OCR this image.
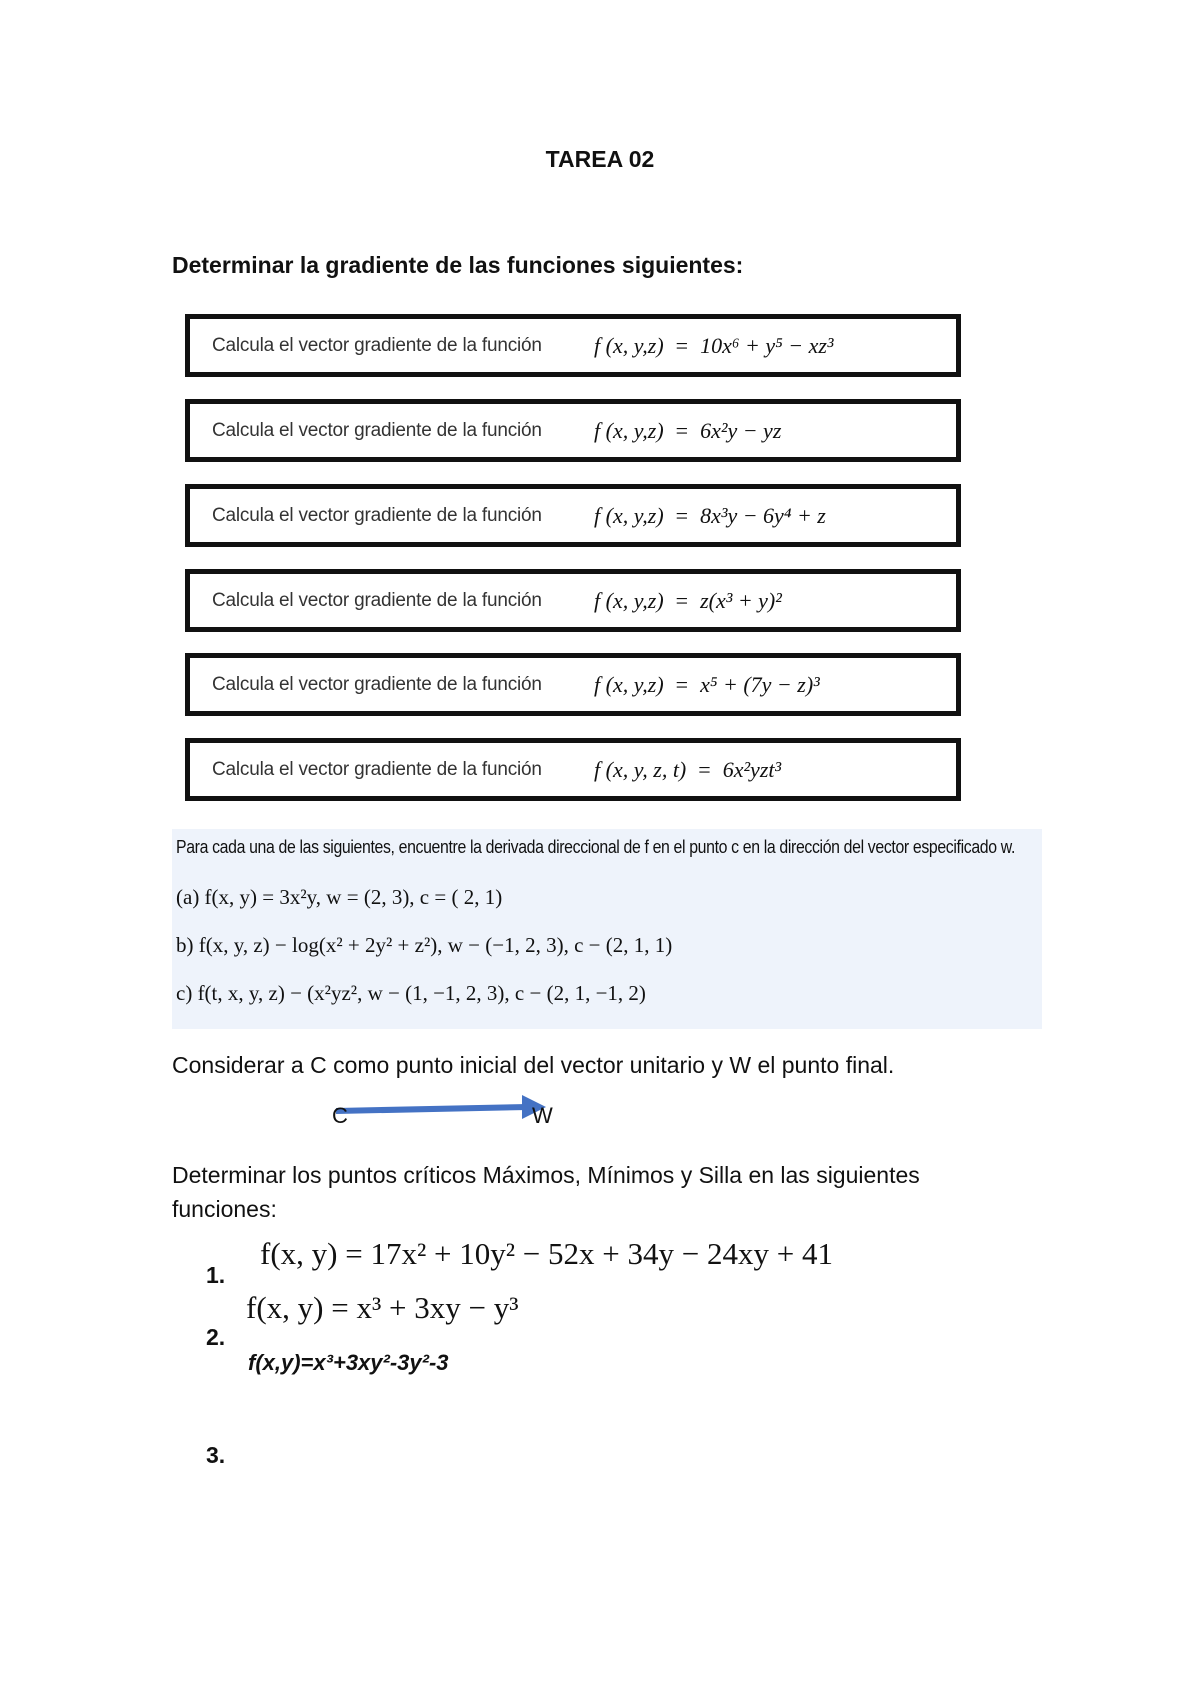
TAREA 02
Determinar la gradiente de las funciones siguientes:
Calcula el vector gradiente de la función	f (x, y,z) = 10x⁶ + y⁵ − xz³
Calcula el vector gradiente de la función	f (x, y,z) = 6x²y − yz
Calcula el vector gradiente de la función	f (x, y,z) = 8x³y − 6y⁴ + z
Calcula el vector gradiente de la función	f (x, y,z) = z(x³ + y)²
Calcula el vector gradiente de la función	f (x, y,z) = x⁵ + (7y − z)³
Calcula el vector gradiente de la función	f (x, y, z, t) = 6x²yzt³
Para cada una de las siguientes, encuentre la derivada direccional de f en el punto c en la dirección del vector especificado w.
(a) f(x, y) = 3x²y, w = (2, 3), c = ( 2, 1)
b) f(x, y, z) − log(x² + 2y² + z²), w − (−1, 2, 3), c − (2, 1, 1)
c) f(t, x, y, z) − (x²yz², w − (1, −1, 2, 3), c − (2, 1, −1, 2)
Considerar a C como punto inicial del vector unitario y W el punto final.
C	W
Determinar los puntos críticos Máximos, Mínimos y Silla en las siguientes
funciones:
1.
f(x, y) = 17x² + 10y² − 52x + 34y − 24xy + 41
2.
f(x, y) = x³ + 3xy − y³
f(x,y)=x³+3xy²-3y²-3
3.
